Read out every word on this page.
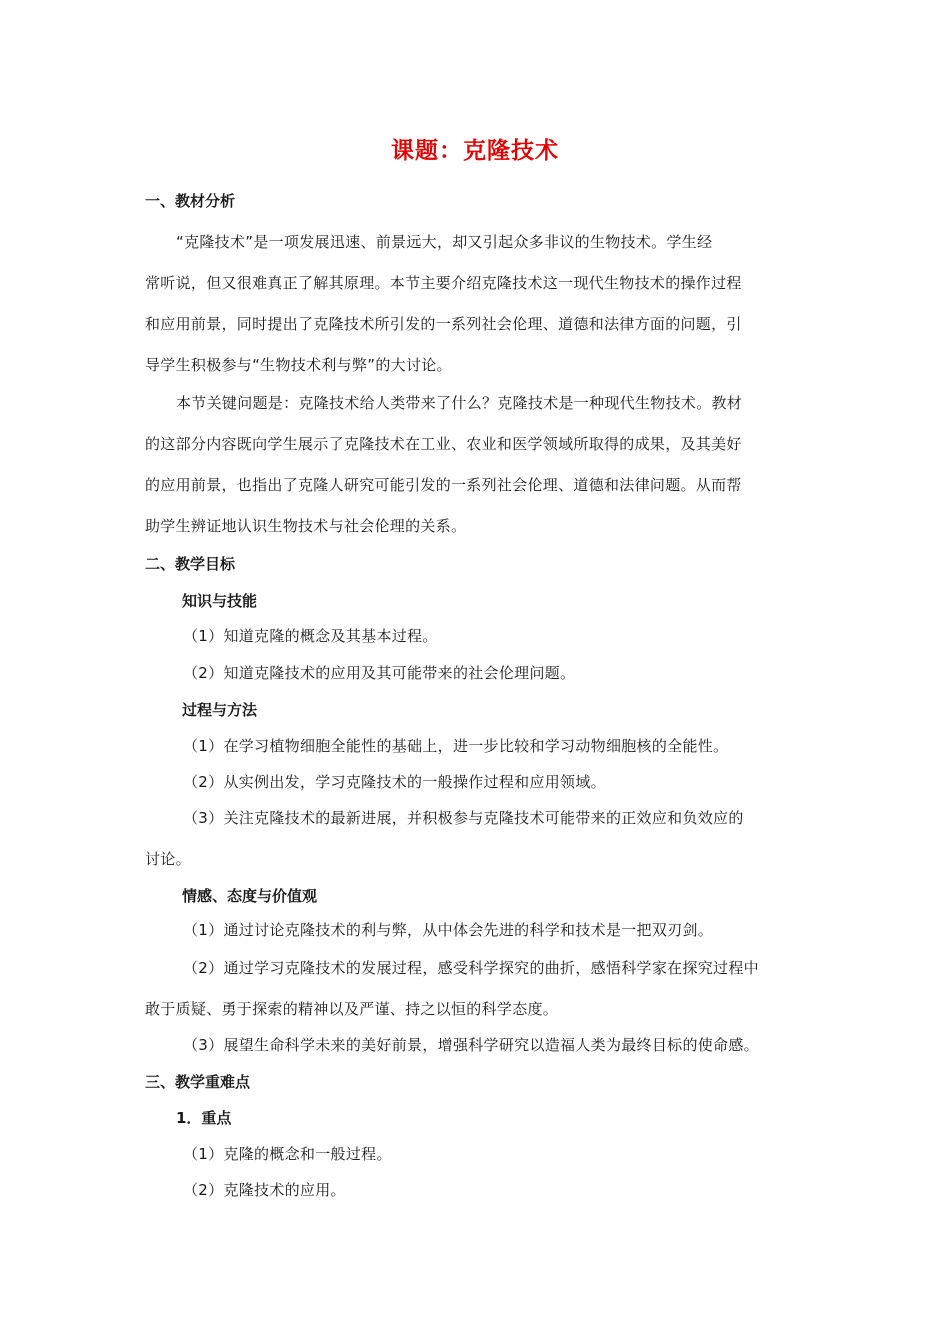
课题：克隆技术
一、教材分析
“克隆技术”是一项发展迅速、前景远大，却又引起众多非议的生物技术。学生经
常听说，但又很难真正了解其原理。本节主要介绍克隆技术这一现代生物技术的操作过程
和应用前景，同时提出了克隆技术所引发的一系列社会伦理、道德和法律方面的问题，引
导学生积极参与“生物技术利与弊”的大讨论。
本节关键问题是：克隆技术给人类带来了什么？克隆技术是一种现代生物技术。教材
的这部分内容既向学生展示了克隆技术在工业、农业和医学领域所取得的成果，及其美好
的应用前景，也指出了克隆人研究可能引发的一系列社会伦理、道德和法律问题。从而帮
助学生辨证地认识生物技术与社会伦理的关系。
二、教学目标
知识与技能
（1）知道克隆的概念及其基本过程。
（2）知道克隆技术的应用及其可能带来的社会伦理问题。
过程与方法
（1）在学习植物细胞全能性的基础上，进一步比较和学习动物细胞核的全能性。
（2）从实例出发，学习克隆技术的一般操作过程和应用领域。
（3）关注克隆技术的最新进展，并积极参与克隆技术可能带来的正效应和负效应的
讨论。
情感、态度与价值观
（1）通过讨论克隆技术的利与弊，从中体会先进的科学和技术是一把双刃剑。
（2）通过学习克隆技术的发展过程，感受科学探究的曲折，感悟科学家在探究过程中
敢于质疑、勇于探索的精神以及严谨、持之以恒的科学态度。
（3）展望生命科学未来的美好前景，增强科学研究以造福人类为最终目标的使命感。
三、教学重难点
1．重点
（1）克隆的概念和一般过程。
（2）克隆技术的应用。
